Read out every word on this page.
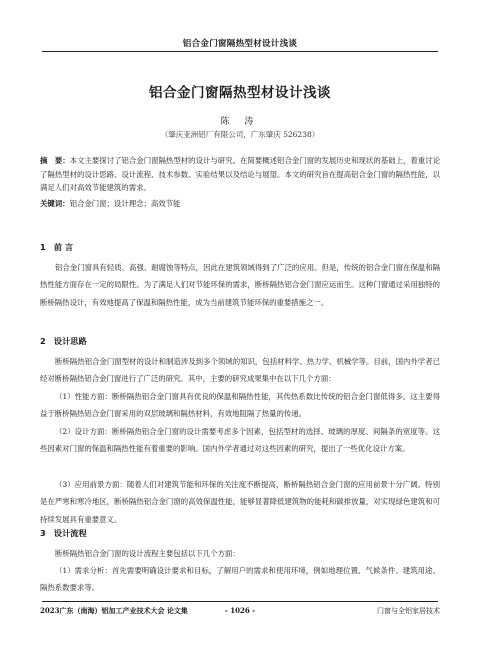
铝合金门窗隔热型材设计浅谈
铝合金门窗隔热型材设计浅谈
陈 涛
（肇庆亚洲铝厂有限公司，广东肇庆 526238）
摘　要：本文主要探讨了铝合金门窗隔热型材的设计与研究。在简要概述铝合金门窗的发展历史和现状的基础上，着重讨论了隔热型材的设计思路、设计流程、技术参数、实验结果以及结论与展望。本文的研究旨在提高铝合金门窗的隔热性能，以满足人们对高效节能建筑的需求。
关键词：铝合金门窗；设计理念；高效节能
1　前 言
铝合金门窗具有轻质、高强、耐腐蚀等特点，因此在建筑领域得到了广泛的应用。但是，传统的铝合金门窗在保温和隔热性能方面存在一定的局限性。为了满足人们对节能环保的需求，断桥隔热铝合金门窗应运而生。这种门窗通过采用独特的断桥隔热设计，有效地提高了保温和隔热性能，成为当前建筑节能环保的重要措施之一。
2　设计思路
断桥隔热铝合金门窗型材的设计和制造涉及到多个领域的知识，包括材料学、热力学、机械学等。目前，国内外学者已经对断桥隔热铝合金门窗进行了广泛的研究。其中，主要的研究成果集中在以下几个方面：
（1）性能方面：断桥隔热铝合金门窗具有优良的保温和隔热性能，其传热系数比传统的铝合金门窗低得多。这主要得益于断桥隔热铝合金门窗采用的双层玻璃和隔热材料，有效地阻隔了热量的传递。
（2）设计方面：断桥隔热铝合金门窗的设计需要考虑多个因素，包括型材的选择、玻璃的厚度、间隔条的宽度等。这些因素对门窗的保温和隔热性能有着重要的影响。国内外学者通过对这些因素的研究，提出了一些优化设计方案。
（3）应用前景方面：随着人们对建筑节能和环保的关注度不断提高，断桥隔热铝合金门窗的应用前景十分广阔。特别是在严寒和寒冷地区，断桥隔热铝合金门窗的高效保温性能，能够显著降低建筑物的能耗和碳排放量，对实现绿色建筑和可持续发展具有重要意义。
3　设计流程
断桥隔热铝合金门窗的设计流程主要包括以下几个方面：
（1）需求分析：首先需要明确设计要求和目标，了解用户的需求和使用环境，例如地理位置、气候条件、建筑用途、隔热系数要求等。
2023广东（南海）铝加工产业技术大会 论文集	- 1026 -	门窗与全铝家居技术
